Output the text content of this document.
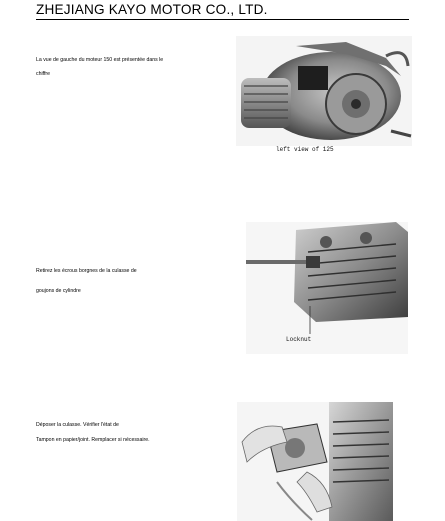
ZHEJIANG KAYO MOTOR CO., LTD.
La vue de gauche du moteur 150 est présentée dans le
chiffre
left view of 125
Retirez les écrous borgnes de la culasse de
goujons de cylindre
Locknut
Déposer la culasse. Vérifier l'état de
Tampon en papier/joint. Remplacer si nécessaire.
